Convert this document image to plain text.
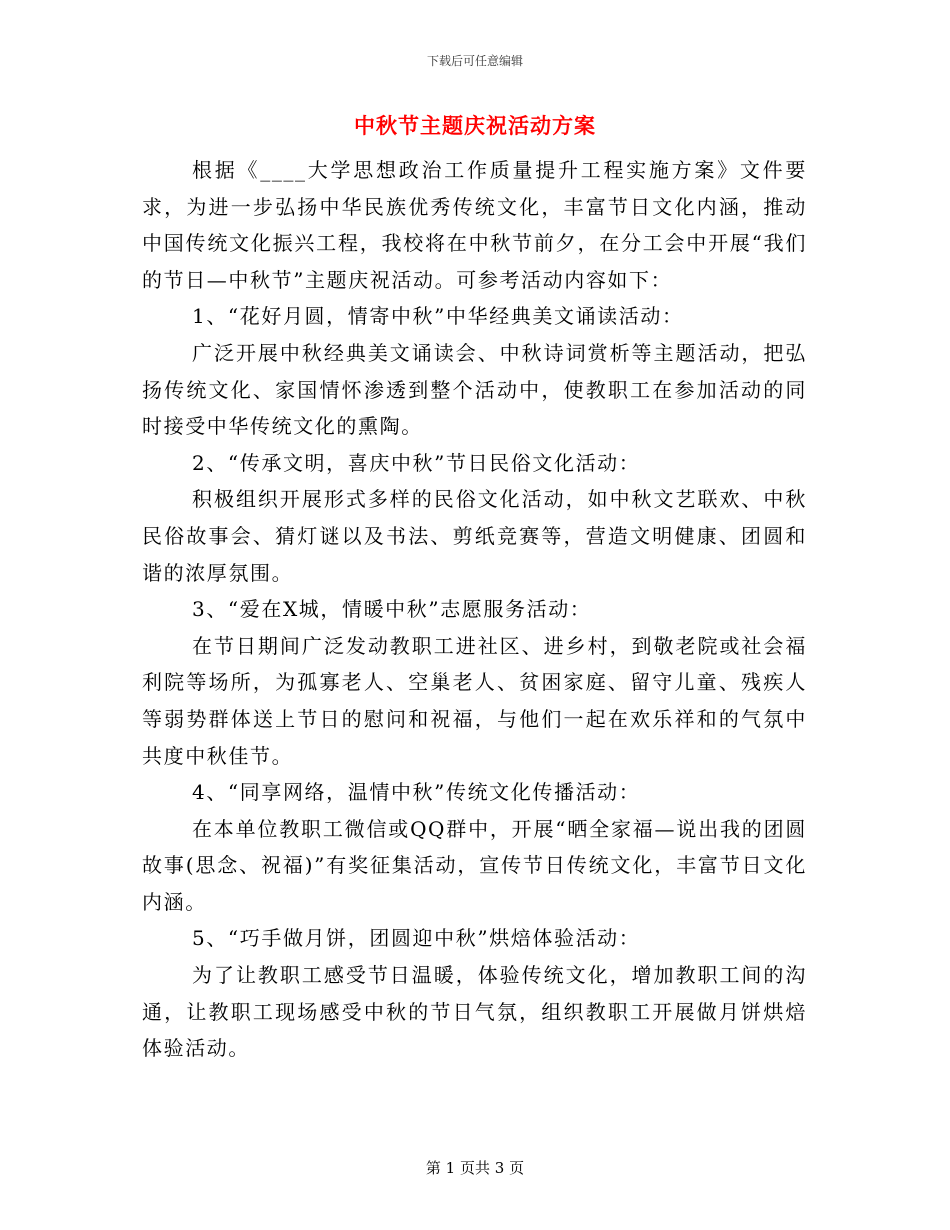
下载后可任意编辑
中秋节主题庆祝活动方案

根据《____大学思想政治工作质量提升工程实施方案》文件要求，为进一步弘扬中华民族优秀传统文化，丰富节日文化内涵，推动中国传统文化振兴工程，我校将在中秋节前夕，在分工会中开展“我们的节日—中秋节”主题庆祝活动。可参考活动内容如下：

1、“花好月圆，情寄中秋”中华经典美文诵读活动：

广泛开展中秋经典美文诵读会、中秋诗词赏析等主题活动，把弘扬传统文化、家国情怀渗透到整个活动中，使教职工在参加活动的同时接受中华传统文化的熏陶。

2、“传承文明，喜庆中秋”节日民俗文化活动：

积极组织开展形式多样的民俗文化活动，如中秋文艺联欢、中秋民俗故事会、猜灯谜以及书法、剪纸竞赛等，营造文明健康、团圆和谐的浓厚氛围。

3、“爱在X城，情暖中秋”志愿服务活动：

在节日期间广泛发动教职工进社区、进乡村，到敬老院或社会福利院等场所，为孤寡老人、空巢老人、贫困家庭、留守儿童、残疾人等弱势群体送上节日的慰问和祝福，与他们一起在欢乐祥和的气氛中共度中秋佳节。

4、“同享网络，温情中秋”传统文化传播活动：

在本单位教职工微信或QQ群中，开展“晒全家福—说出我的团圆故事(思念、祝福)”有奖征集活动，宣传节日传统文化，丰富节日文化内涵。

5、“巧手做月饼，团圆迎中秋”烘焙体验活动：

为了让教职工感受节日温暖，体验传统文化，增加教职工间的沟通，让教职工现场感受中秋的节日气氛，组织教职工开展做月饼烘焙体验活动。

第 1 页共 3 页
